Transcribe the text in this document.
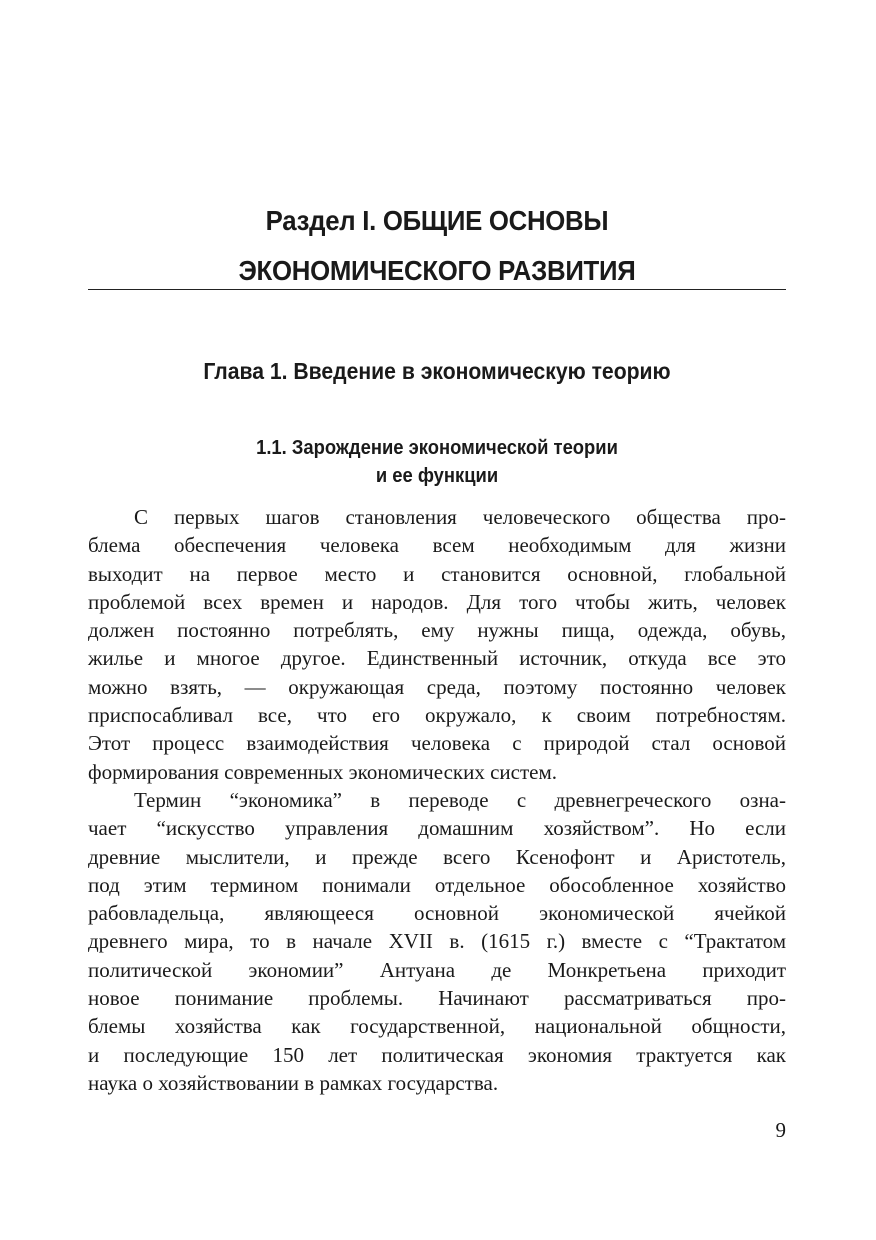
Раздел I. ОБЩИЕ ОСНОВЫ
ЭКОНОМИЧЕСКОГО РАЗВИТИЯ
Глава 1. Введение в экономическую теорию
1.1. Зарождение экономической теории
и ее функции

С первых шагов становления человеческого общества про-
блема обеспечения человека всем необходимым для жизни
выходит на первое место и становится основной, глобальной
проблемой всех времен и народов. Для того чтобы жить, человек
должен постоянно потреблять, ему нужны пища, одежда, обувь,
жилье и многое другое. Единственный источник, откуда все это
можно взять, — окружающая среда, поэтому постоянно человек
приспосабливал все, что его окружало, к своим потребностям.
Этот процесс взаимодействия человека с природой стал основой
формирования современных экономических систем.

Термин “экономика” в переводе с древнегреческого озна-
чает “искусство управления домашним хозяйством”. Но если
древние мыслители, и прежде всего Ксенофонт и Аристотель,
под этим термином понимали отдельное обособленное хозяйство
рабовладельца, являющееся основной экономической ячейкой
древнего мира, то в начале XVII в. (1615 г.) вместе с “Трактатом
политической экономии” Антуана де Монкретьена приходит
новое понимание проблемы. Начинают рассматриваться про-
блемы хозяйства как государственной, национальной общности,
и последующие 150 лет политическая экономия трактуется как
наука о хозяйствовании в рамках государства.

9
